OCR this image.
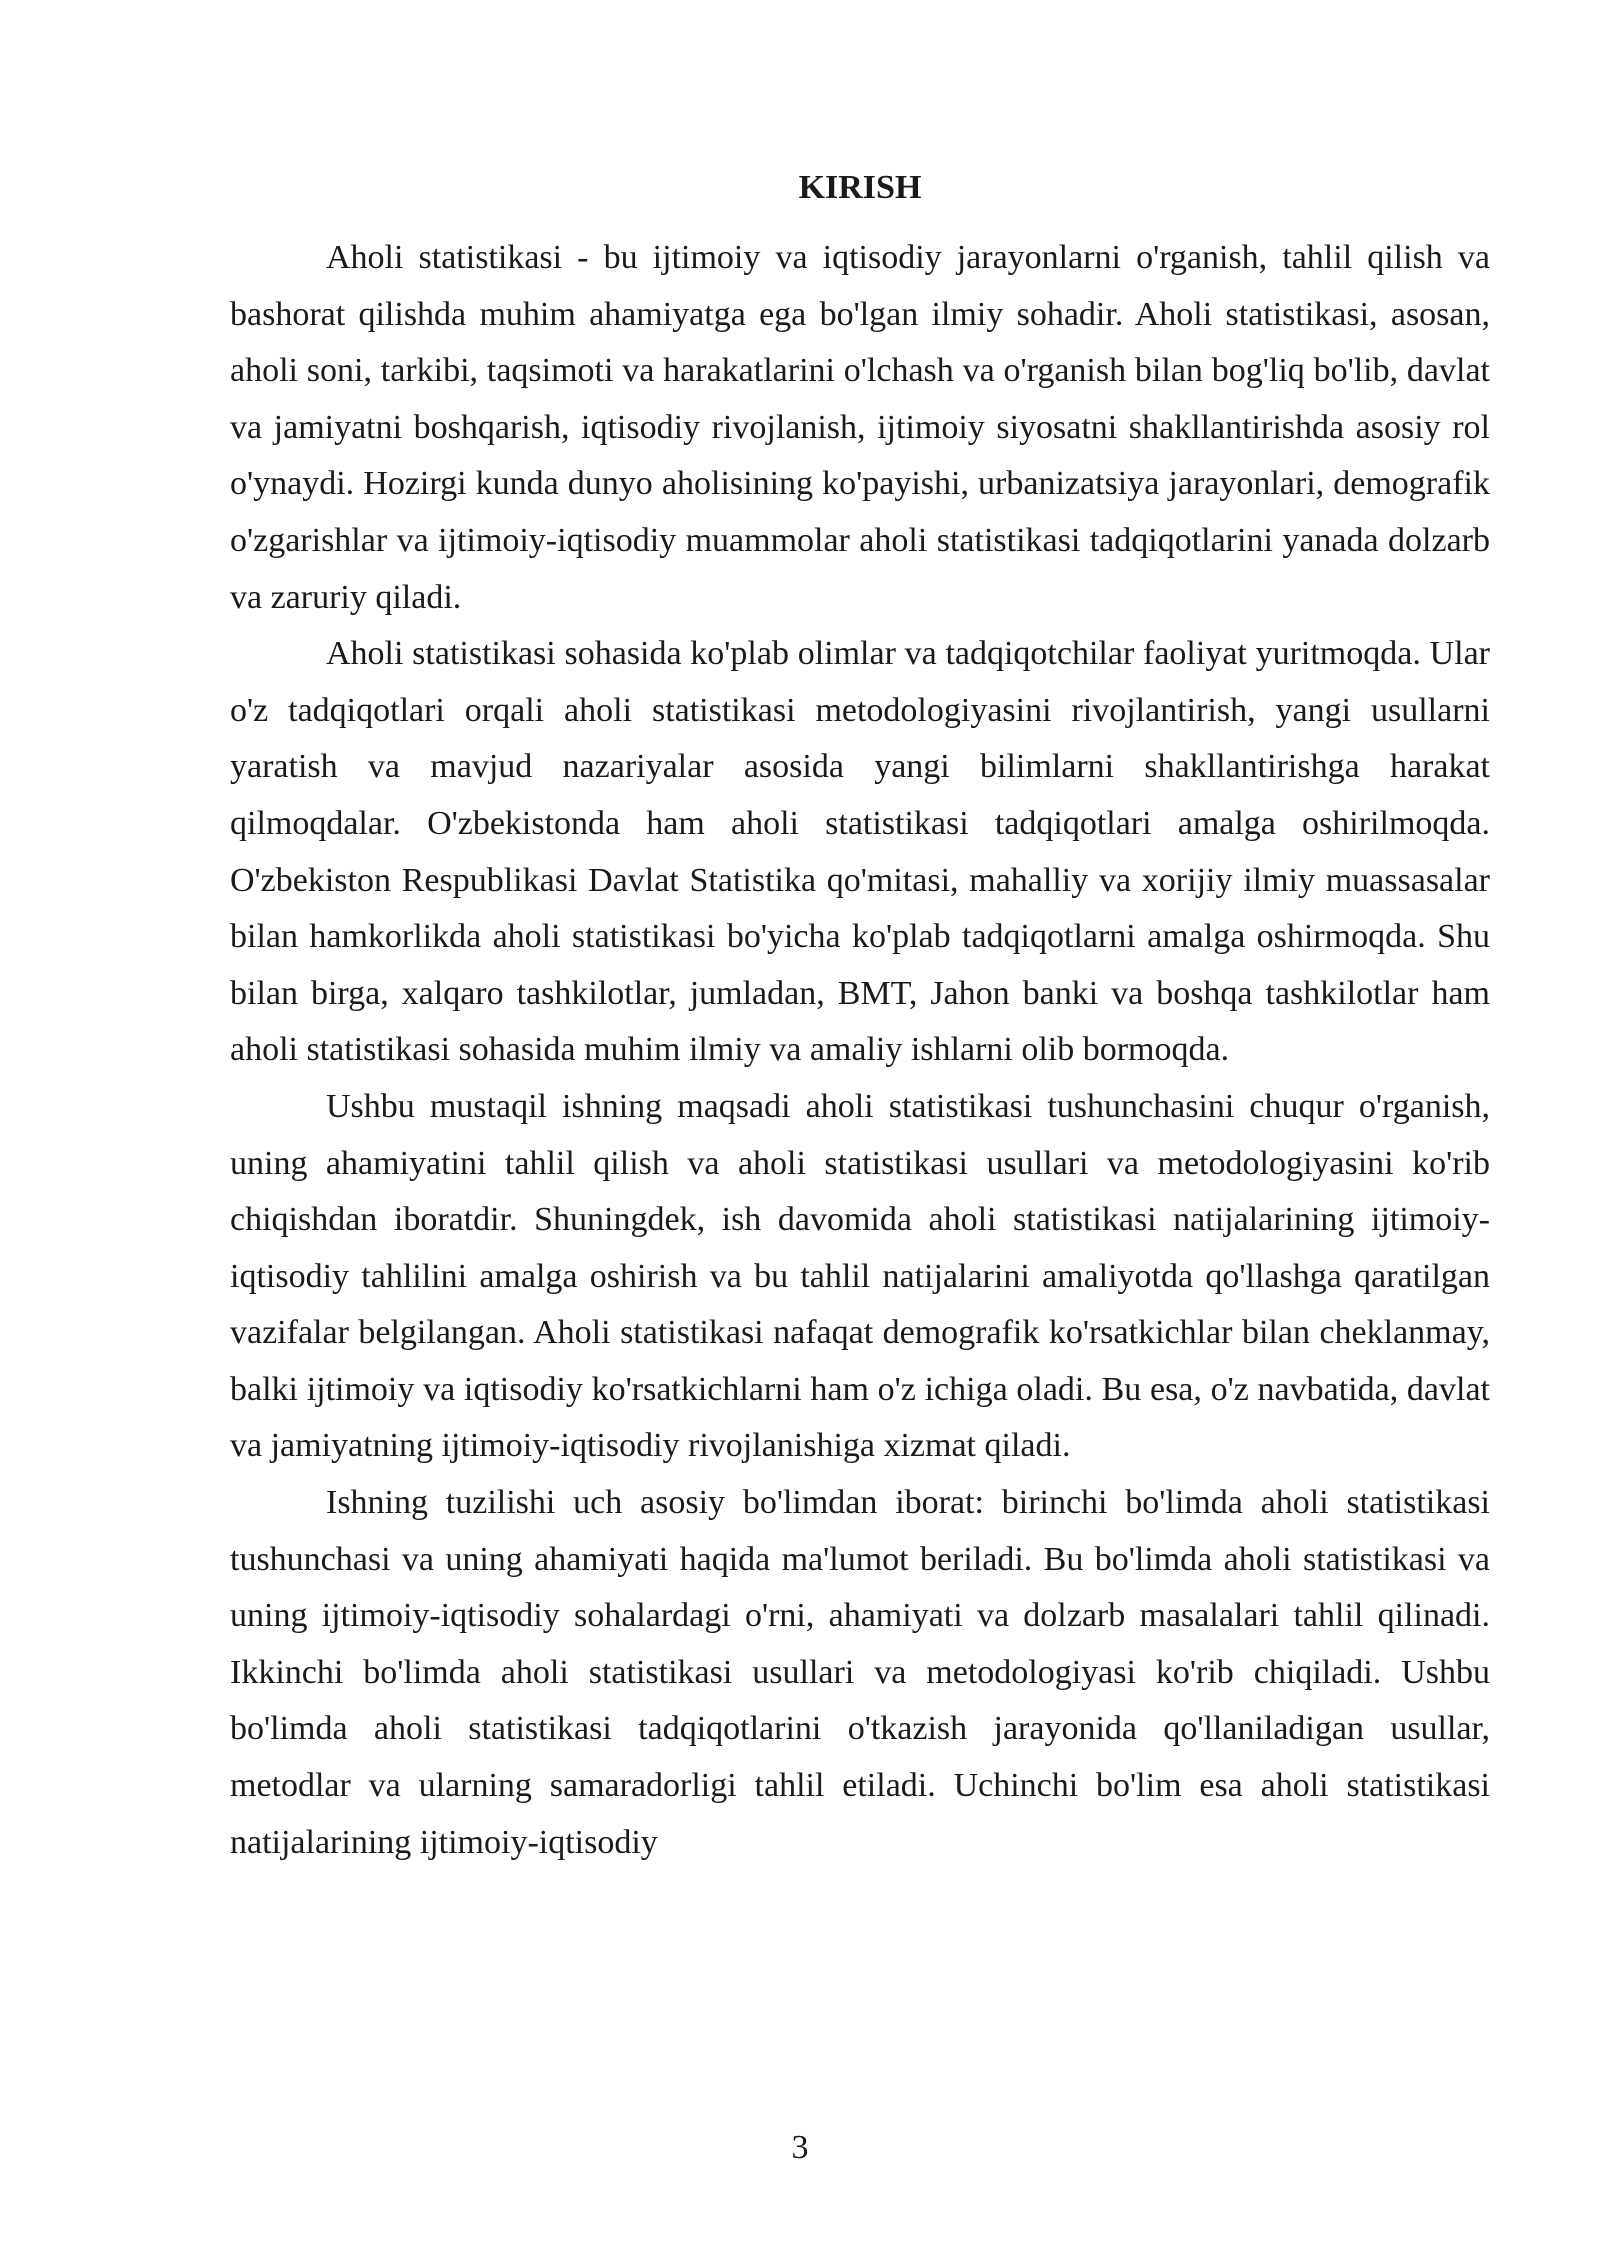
KIRISH

Aholi statistikasi - bu ijtimoiy va iqtisodiy jarayonlarni o'rganish, tahlil qilish va bashorat qilishda muhim ahamiyatga ega bo'lgan ilmiy sohadir. Aholi statistikasi, asosan, aholi soni, tarkibi, taqsimoti va harakatlarini o'lchash va o'rganish bilan bog'liq bo'lib, davlat va jamiyatni boshqarish, iqtisodiy rivojlanish, ijtimoiy siyosatni shakllantirishda asosiy rol o'ynaydi. Hozirgi kunda dunyo aholisining ko'payishi, urbanizatsiya jarayonlari, demografik o'zgarishlar va ijtimoiy-iqtisodiy muammolar aholi statistikasi tadqiqotlarini yanada dolzarb va zaruriy qiladi.

Aholi statistikasi sohasida ko'plab olimlar va tadqiqotchilar faoliyat yuritmoqda. Ular o'z tadqiqotlari orqali aholi statistikasi metodologiyasini rivojlantirish, yangi usullarni yaratish va mavjud nazariyalar asosida yangi bilimlarni shakllantirishga harakat qilmoqdalar. O'zbekistonda ham aholi statistikasi tadqiqotlari amalga oshirilmoqda. O'zbekiston Respublikasi Davlat Statistika qo'mitasi, mahalliy va xorijiy ilmiy muassasalar bilan hamkorlikda aholi statistikasi bo'yicha ko'plab tadqiqotlarni amalga oshirmoqda. Shu bilan birga, xalqaro tashkilotlar, jumladan, BMT, Jahon banki va boshqa tashkilotlar ham aholi statistikasi sohasida muhim ilmiy va amaliy ishlarni olib bormoqda.

Ushbu mustaqil ishning maqsadi aholi statistikasi tushunchasini chuqur o'rganish, uning ahamiyatini tahlil qilish va aholi statistikasi usullari va metodologiyasini ko'rib chiqishdan iboratdir. Shuningdek, ish davomida aholi statistikasi natijalarining ijtimoiy-iqtisodiy tahlilini amalga oshirish va bu tahlil natijalarini amaliyotda qo'llashga qaratilgan vazifalar belgilangan. Aholi statistikasi nafaqat demografik ko'rsatkichlar bilan cheklanmay, balki ijtimoiy va iqtisodiy ko'rsatkichlarni ham o'z ichiga oladi. Bu esa, o'z navbatida, davlat va jamiyatning ijtimoiy-iqtisodiy rivojlanishiga xizmat qiladi.

Ishning tuzilishi uch asosiy bo'limdan iborat: birinchi bo'limda aholi statistikasi tushunchasi va uning ahamiyati haqida ma'lumot beriladi. Bu bo'limda aholi statistikasi va uning ijtimoiy-iqtisodiy sohalardagi o'rni, ahamiyati va dolzarb masalalari tahlil qilinadi. Ikkinchi bo'limda aholi statistikasi usullari va metodologiyasi ko'rib chiqiladi. Ushbu bo'limda aholi statistikasi tadqiqotlarini o'tkazish jarayonida qo'llaniladigan usullar, metodlar va ularning samaradorligi tahlil etiladi. Uchinchi bo'lim esa aholi statistikasi natijalarining ijtimoiy-iqtisodiy

3
